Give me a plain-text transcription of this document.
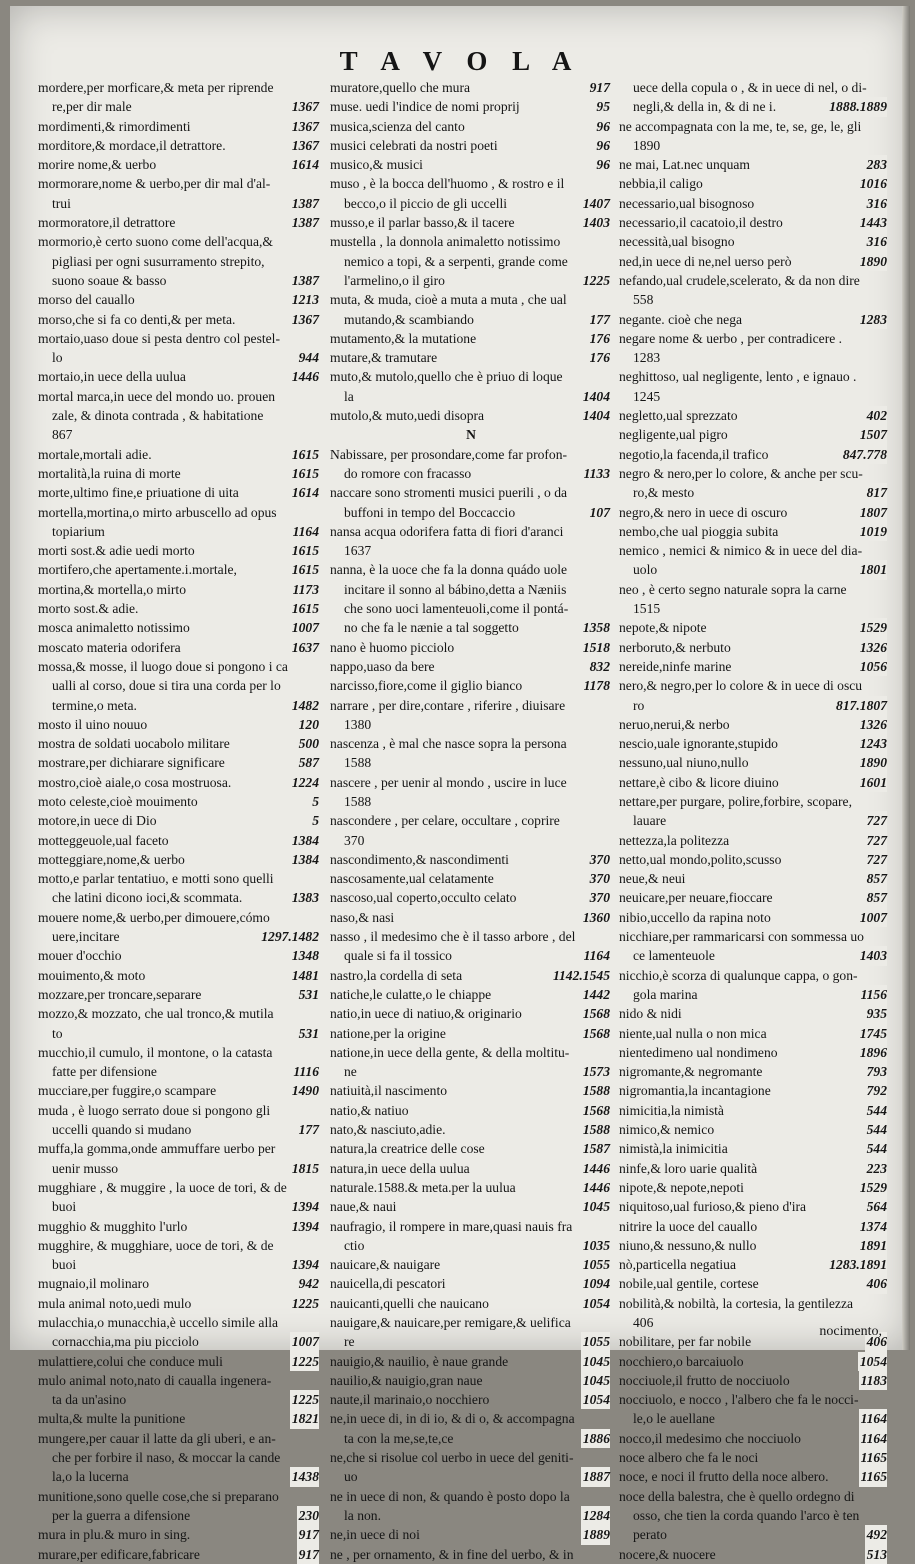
T A V O L A
mordere,per morficare,& meta per riprende
re,per dir male	1367
mordimenti,& rimordimenti	1367
morditore,& mordace,il detrattore.	1367
morire nome,& uerbo	1614
mormorare,nome & uerbo,per dir mal d'al-
trui	1387
mormoratore,il detrattore	1387
mormorio,è certo suono come dell'acqua,&
pigliasi per ogni susurramento strepito,
suono soaue & basso	1387
morso del cauallo	1213
morso,che si fa co denti,& per meta.	1367
mortaio,uaso doue si pesta dentro col pestel-
lo	944
mortaio,in uece della uulua	1446
mortal marca,in uece del mondo uo. prouen
zale, & dinota contrada , & habitatione
867
mortale,mortali adie.	1615
mortalità,la ruina di morte	1615
morte,ultimo fine,e priuatione di uita	1614
mortella,mortina,o mirto arbuscello ad opus
topiarium	1164
morti sost.& adie uedi morto	1615
mortifero,che apertamente.i.mortale,	1615
mortina,& mortella,o mirto	1173
morto sost.& adie.	1615
mosca animaletto notissimo	1007
moscato materia odorifera	1637
mossa,& mosse, il luogo doue si pongono i ca
ualli al corso, doue si tira una corda per lo
termine,o meta.	1482
mosto il uino nouuo	120
mostra de soldati uocabolo militare	500
mostrare,per dichiarare significare	587
mostro,cioè aiale,o cosa mostruosa.	1224
moto celeste,cioè mouimento	5
motore,in uece di Dio	5
motteggeuole,ual faceto	1384
motteggiare,nome,& uerbo	1384
motto,e parlar tentatiuo, e motti sono quelli
che latini dicono ioci,& scommata.	1383
mouere nome,& uerbo,per dimouere,cómo
uere,incitare	1297.1482
mouer d'occhio	1348
mouimento,& moto	1481
mozzare,per troncare,separare	531
mozzo,& mozzato, che ual tronco,& mutila
to	531
mucchio,il cumulo, il montone, o la catasta
fatte per difensione	1116
mucciare,per fuggire,o scampare	1490
muda , è luogo serrato doue si pongono gli
uccelli quando si mudano	177
muffa,la gomma,onde ammuffare uerbo per
uenir musso	1815
mugghiare , & muggire , la uoce de tori, & de
buoi	1394
mugghio & mugghito l'urlo	1394
mugghire, & mugghiare, uoce de tori, & de
buoi	1394
mugnaio,il molinaro	942
mula animal noto,uedi mulo	1225
mulacchia,o munacchia,è uccello simile alla
cornacchia,ma piu picciolo	1007
mulattiere,colui che conduce muli	1225
mulo animal noto,nato di caualla ingenera-
ta da un'asino	1225
multa,& multe la punitione	1821
mungere,per cauar il latte da gli uberi, e an-
che per forbire il naso, & moccar la cande
la,o la lucerna	1438
munitione,sono quelle cose,che si preparano
per la guerra a difensione	230
mura in plu.& muro in sing.	917
murare,per edificare,fabricare	917
muratore,quello che mura	917
muse. uedi l'indice de nomi proprij	95
musica,scienza del canto	96
musici celebrati da nostri poeti	96
musico,& musici	96
muso , è la bocca dell'huomo , & rostro e il
becco,o il piccio de gli uccelli	1407
musso,e il parlar basso,& il tacere	1403
mustella , la donnola animaletto notissimo
nemico a topi, & a serpenti, grande come
l'armelino,o il giro	1225
muta, & muda, cioè a muta a muta , che ual
mutando,& scambiando	177
mutamento,& la mutatione	176
mutare,& tramutare	176
muto,& mutolo,quello che è priuo di loque
la	1404
mutolo,& muto,uedi disopra	1404
N
Nabissare, per prosondare,come far profon-
do romore con fracasso	1133
naccare sono stromenti musici puerili , o da
buffoni in tempo del Boccaccio	107
nansa acqua odorifera fatta di fiori d'aranci
1637
nanna, è la uoce che fa la donna quádo uole
incitare il sonno al bábino,detta a Næniis
che sono uoci lamenteuoli,come il pontá-
no che fa le nænie a tal soggetto	1358
nano è huomo picciolo	1518
nappo,uaso da bere	832
narcisso,fiore,come il giglio bianco	1178
narrare , per dire,contare , riferire , diuisare
1380
nascenza , è mal che nasce sopra la persona
1588
nascere , per uenir al mondo , uscire in luce
1588
nascondere , per celare, occultare , coprire
370
nascondimento,& nascondimenti	370
nascosamente,ual celatamente	370
nascoso,ual coperto,occulto celato	370
naso,& nasi	1360
nasso , il medesimo che è il tasso arbore , del
quale si fa il tossico	1164
nastro,la cordella di seta	1142.1545
natiche,le culatte,o le chiappe	1442
natio,in uece di natiuo,& originario	1568
natione,per la origine	1568
natione,in uece della gente, & della moltitu-
ne	1573
natiuità,il nascimento	1588
natio,& natiuo	1568
nato,& nasciuto,adie.	1588
natura,la creatrice delle cose	1587
natura,in uece della uulua	1446
naturale.1588.& meta.per la uulua	1446
naue,& naui	1045
naufragio, il rompere in mare,quasi nauis fra
ctio	1035
nauicare,& nauigare	1055
nauicella,di pescatori	1094
nauicanti,quelli che nauicano	1054
nauigare,& nauicare,per remigare,& uelifica
re	1055
nauigio,& nauilio, è naue grande	1045
nauilio,& nauigio,gran naue	1045
naute,il marinaio,o nocchiero	1054
ne,in uece di, in di io, & di o, & accompagna
ta con la me,se,te,ce	1886
ne,che si risolue col uerbo in uece del geniti-
uo	1887
ne in uece di non, & quando è posto dopo la
la non.	1284
ne,in uece di noi	1889
ne , per ornamento, & in fine del uerbo, & in
uece della copula o , & in uece di nel, o di-
negli,& della in, & di ne i.	1888.1889
ne accompagnata con la me, te, se, ge, le, gli
1890
ne mai, Lat.nec unquam	283
nebbia,il caligo	1016
necessario,ual bisognoso	316
necessario,il cacatoio,il destro	1443
necessità,ual bisogno	316
ned,in uece di ne,nel uerso però	1890
nefando,ual crudele,scelerato, & da non dire
558
negante. cioè che nega	1283
negare nome & uerbo , per contradicere .
1283
neghittoso, ual negligente, lento , e ignauo .
1245
negletto,ual sprezzato	402
negligente,ual pigro	1507
negotio,la facenda,il trafico	847.778
negro & nero,per lo colore, & anche per scu-
ro,& mesto	817
negro,& nero in uece di oscuro	1807
nembo,che ual pioggia subita	1019
nemico , nemici & nimico & in uece del dia-
uolo	1801
neo , è certo segno naturale sopra la carne
1515
nepote,& nipote	1529
nerboruto,& nerbuto	1326
nereide,ninfe marine	1056
nero,& negro,per lo colore & in uece di oscu
ro	817.1807
neruo,nerui,& nerbo	1326
nescio,uale ignorante,stupido	1243
nessuno,ual niuno,nullo	1890
nettare,è cibo & licore diuino	1601
nettare,per purgare, polire,forbire, scopare,
lauare	727
nettezza,la politezza	727
netto,ual mondo,polito,scusso	727
neue,& neui	857
neuicare,per neuare,fioccare	857
nibio,uccello da rapina noto	1007
nicchiare,per rammaricarsi con sommessa uo
ce lamenteuole	1403
nicchio,è scorza di qualunque cappa, o gon-
gola marina	1156
nido & nidi	935
niente,ual nulla o non mica	1745
nientedimeno ual nondimeno	1896
nigromante,& negromante	793
nigromantia,la incantagione	792
nimicitia,la nimistà	544
nimico,& nemico	544
nimistà,la inimicitia	544
ninfe,& loro uarie qualità	223
nipote,& nepote,nepoti	1529
niquitoso,ual furioso,& pieno d'ira	564
nitrire la uoce del cauallo	1374
niuno,& nessuno,& nullo	1891
nò,particella negatiua	1283.1891
nobile,ual gentile, cortese	406
nobilità,& nobiltà, la cortesia, la gentilezza
406
nobilitare, per far nobile	406
nocchiero,o barcaiuolo	1054
nocciuole,il frutto de nocciuolo	1183
nocciuolo, e nocco , l'albero che fa le nocci-
le,o le auellane	1164
nocco,il medesimo che nocciuolo	1164
noce albero che fa le noci	1165
noce, e noci il frutto della noce albero. 1165
noce della balestra, che è quello ordegno di
osso, che tien la corda quando l'arco è ten
perato	492
nocere,& nuocere	513
nocimento,
